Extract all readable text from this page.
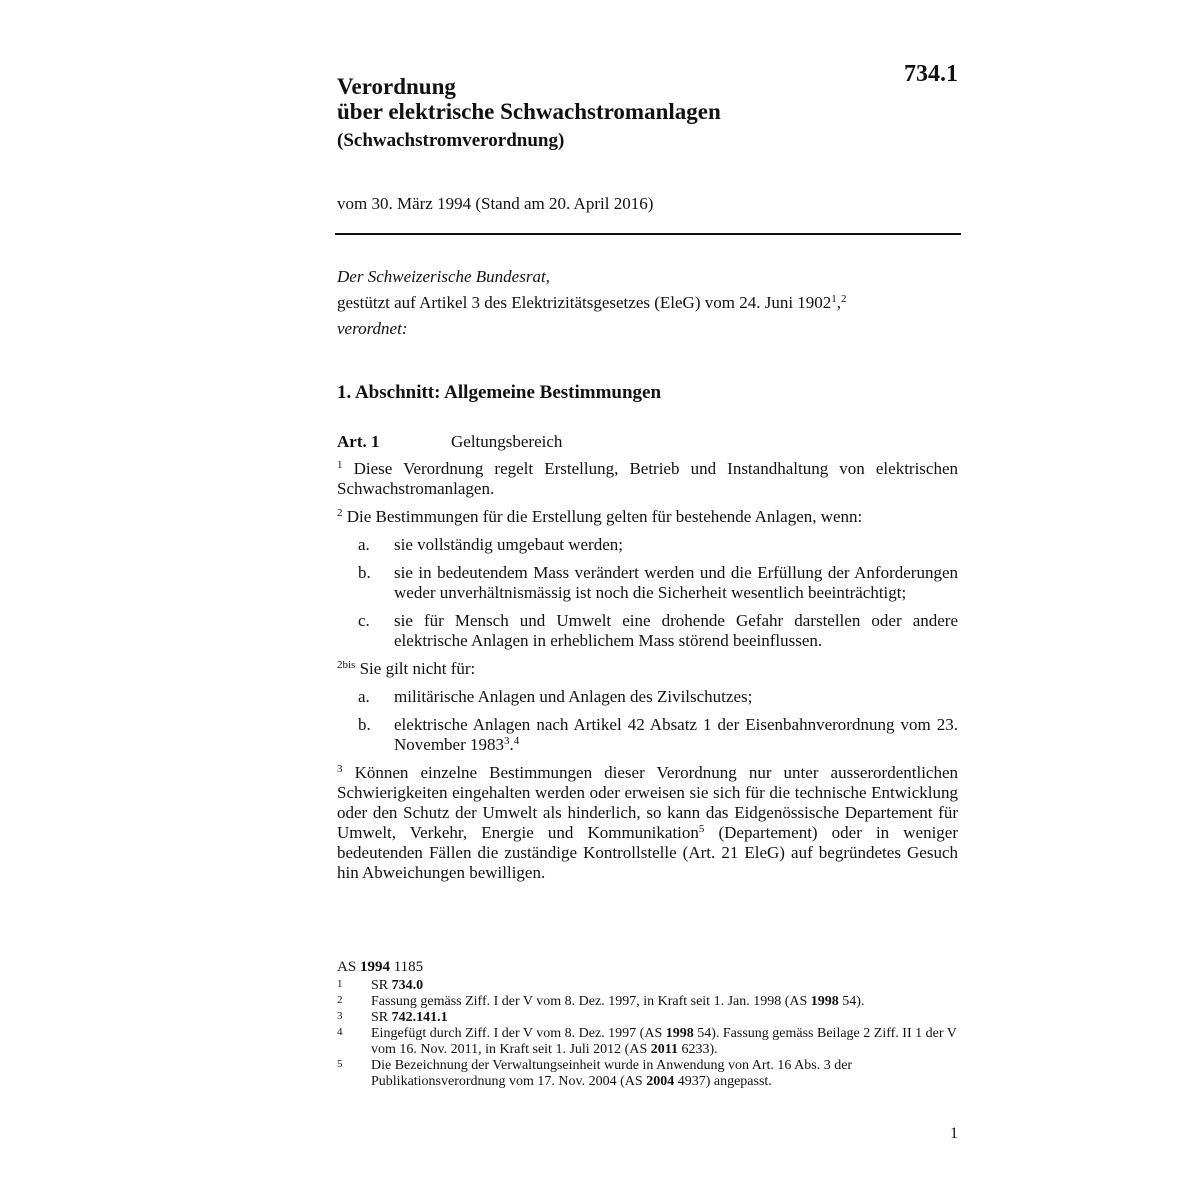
734.1
Verordnung
über elektrische Schwachstromanlagen
(Schwachstromverordnung)
vom 30. März 1994 (Stand am 20. April 2016)
Der Schweizerische Bundesrat,
gestützt auf Artikel 3 des Elektrizitätsgesetzes (EleG) vom 24. Juni 1902$^1$,$^2$
verordnet:
1. Abschnitt: Allgemeine Bestimmungen
Art. 1	Geltungsbereich

$^1$ Diese Verordnung regelt Erstellung, Betrieb und Instandhaltung von elektrischen Schwachstromanlagen.

$^2$ Die Bestimmungen für die Erstellung gelten für bestehende Anlagen, wenn:

a. sie vollständig umgebaut werden;
b. sie in bedeutendem Mass verändert werden und die Erfüllung der Anforderungen weder unverhältnismässig ist noch die Sicherheit wesentlich beeinträchtigt;
c. sie für Mensch und Umwelt eine drohende Gefahr darstellen oder andere elektrische Anlagen in erheblichem Mass störend beeinflussen.

$^{2bis}$ Sie gilt nicht für:

a. militärische Anlagen und Anlagen des Zivilschutzes;
b. elektrische Anlagen nach Artikel 42 Absatz 1 der Eisenbahnverordnung vom 23. November 1983$^3$.$^4$

$^3$ Können einzelne Bestimmungen dieser Verordnung nur unter ausserordentlichen Schwierigkeiten eingehalten werden oder erweisen sie sich für die technische Entwicklung oder den Schutz der Umwelt als hinderlich, so kann das Eidgenössische Departement für Umwelt, Verkehr, Energie und Kommunikation$^5$ (Departement) oder in weniger bedeutenden Fällen die zuständige Kontrollstelle (Art. 21 EleG) auf begründetes Gesuch hin Abweichungen bewilligen.

AS 1994 1185
1 SR 734.0
2 Fassung gemäss Ziff. I der V vom 8. Dez. 1997, in Kraft seit 1. Jan. 1998 (AS 1998 54).
3 SR 742.141.1
4 Eingefügt durch Ziff. I der V vom 8. Dez. 1997 (AS 1998 54). Fassung gemäss Beilage 2 Ziff. II 1 der V vom 16. Nov. 2011, in Kraft seit 1. Juli 2012 (AS 2011 6233).
5 Die Bezeichnung der Verwaltungseinheit wurde in Anwendung von Art. 16 Abs. 3 der Publikationsverordnung vom 17. Nov. 2004 (AS 2004 4937) angepasst.
1
